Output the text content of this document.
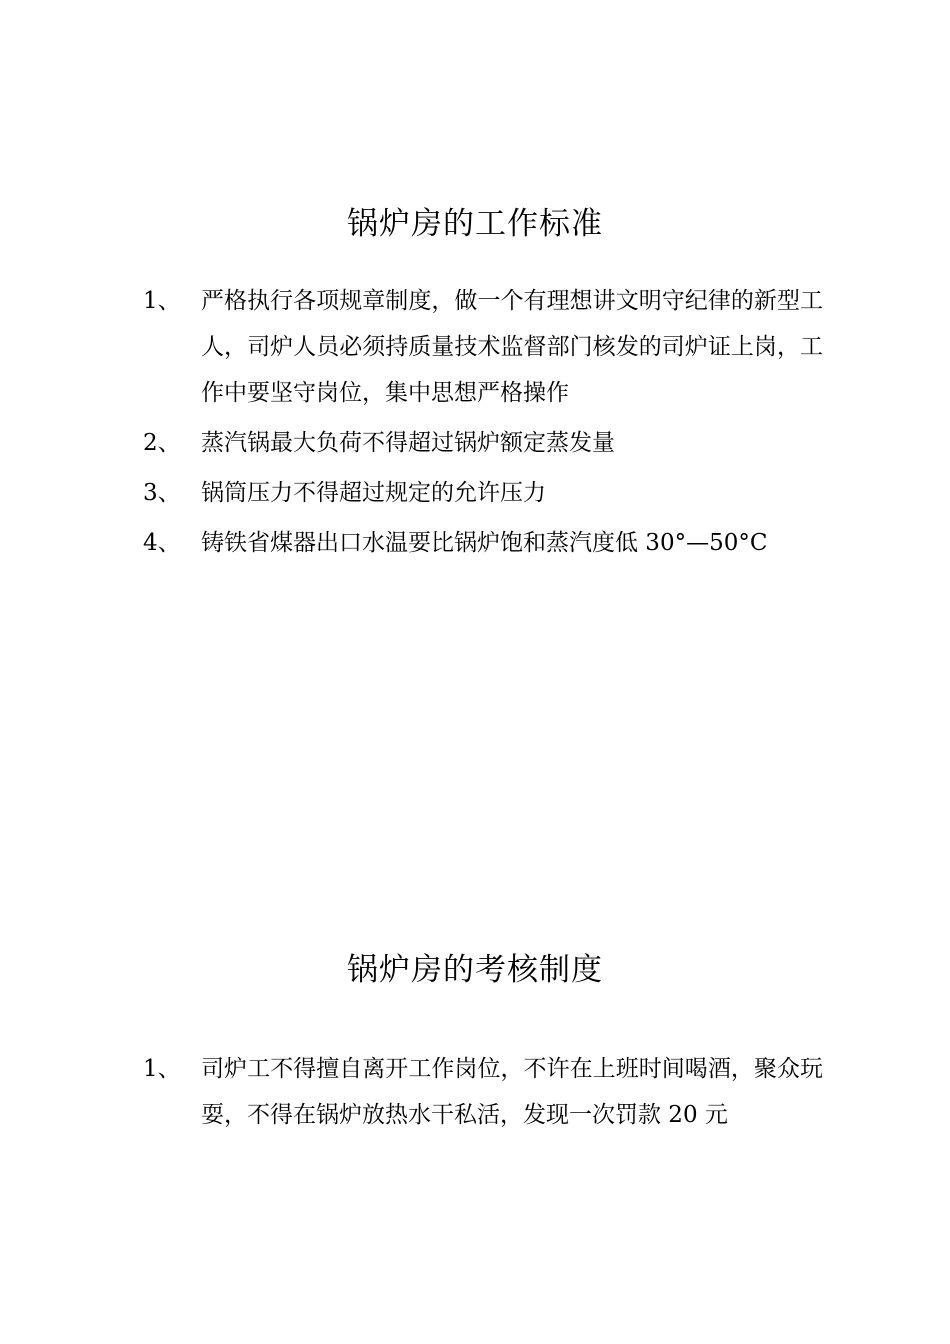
锅炉房的工作标准
1、 严格执行各项规章制度，做一个有理想讲文明守纪律的新型工人，司炉人员必须持质量技术监督部门核发的司炉证上岗，工作中要坚守岗位，集中思想严格操作
2、 蒸汽锅最大负荷不得超过锅炉额定蒸发量
3、 锅筒压力不得超过规定的允许压力
4、 铸铁省煤器出口水温要比锅炉饱和蒸汽度低 30°—50°C
锅炉房的考核制度
1、 司炉工不得擅自离开工作岗位，不许在上班时间喝酒，聚众玩耍，不得在锅炉放热水干私活，发现一次罚款 20 元
